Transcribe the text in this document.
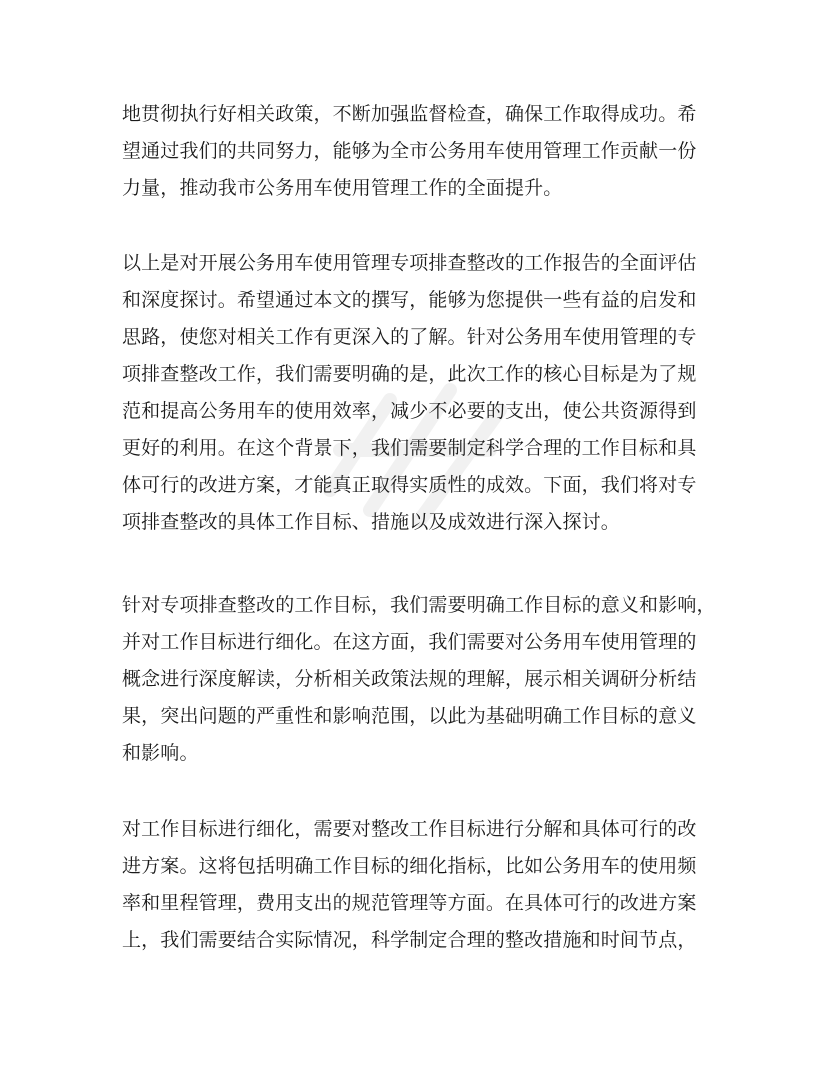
地贯彻执行好相关政策，不断加强监督检查，确保工作取得成功。希
望通过我们的共同努力，能够为全市公务用车使用管理工作贡献一份
力量，推动我市公务用车使用管理工作的全面提升。
以上是对开展公务用车使用管理专项排查整改的工作报告的全面评估
和深度探讨。希望通过本文的撰写，能够为您提供一些有益的启发和
思路，使您对相关工作有更深入的了解。针对公务用车使用管理的专
项排查整改工作，我们需要明确的是，此次工作的核心目标是为了规
范和提高公务用车的使用效率，减少不必要的支出，使公共资源得到
更好的利用。在这个背景下，我们需要制定科学合理的工作目标和具
体可行的改进方案，才能真正取得实质性的成效。下面，我们将对专
项排查整改的具体工作目标、措施以及成效进行深入探讨。
针对专项排查整改的工作目标，我们需要明确工作目标的意义和影响，
并对工作目标进行细化。在这方面，我们需要对公务用车使用管理的
概念进行深度解读，分析相关政策法规的理解，展示相关调研分析结
果，突出问题的严重性和影响范围，以此为基础明确工作目标的意义
和影响。
对工作目标进行细化，需要对整改工作目标进行分解和具体可行的改
进方案。这将包括明确工作目标的细化指标，比如公务用车的使用频
率和里程管理，费用支出的规范管理等方面。在具体可行的改进方案
上，我们需要结合实际情况，科学制定合理的整改措施和时间节点，
